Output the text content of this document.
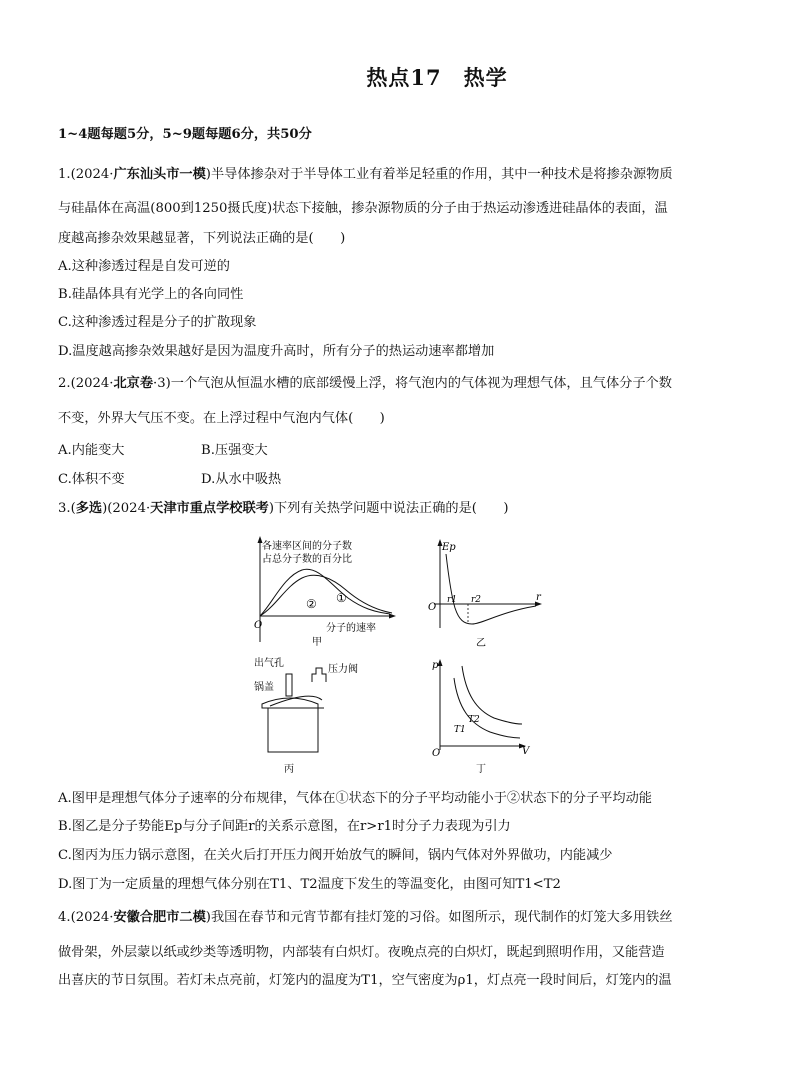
热点17　热学
1~4题每题5分，5~9题每题6分，共50分
1.(2024·广东汕头市一模)半导体掺杂对于半导体工业有着举足轻重的作用，其中一种技术是将掺杂源物质
与硅晶体在高温(800到1250摄氏度)状态下接触，掺杂源物质的分子由于热运动渗透进硅晶体的表面，温
度越高掺杂效果越显著，下列说法正确的是(　　)
A.这种渗透过程是自发可逆的
B.硅晶体具有光学上的各向同性
C.这种渗透过程是分子的扩散现象
D.温度越高掺杂效果越好是因为温度升高时，所有分子的热运动速率都增加
2.(2024·北京卷·3)一个气泡从恒温水槽的底部缓慢上浮，将气泡内的气体视为理想气体，且气体分子个数
不变，外界大气压不变。在上浮过程中气泡内气体(　　)
A.内能变大	B.压强变大
C.体积不变	D.从水中吸热
3.(多选)(2024·天津市重点学校联考)下列有关热学问题中说法正确的是(　　)
各速率区间的分子数
占总分子数的百分比
①
②
O	分子的速率
甲
Ep
O
r1 r2	r
乙
出气孔
锅盖
压力阀
丙
p
O
T1
T2
V
丁
A.图甲是理想气体分子速率的分布规律，气体在①状态下的分子平均动能小于②状态下的分子平均动能
B.图乙是分子势能Ep与分子间距r的关系示意图，在r>r1时分子力表现为引力
C.图丙为压力锅示意图，在关火后打开压力阀开始放气的瞬间，锅内气体对外界做功，内能减少
D.图丁为一定质量的理想气体分别在T1、T2温度下发生的等温变化，由图可知T1<T2
4.(2024·安徽合肥市二模)我国在春节和元宵节都有挂灯笼的习俗。如图所示，现代制作的灯笼大多用铁丝
做骨架，外层蒙以纸或纱类等透明物，内部装有白炽灯。夜晚点亮的白炽灯，既起到照明作用，又能营造
出喜庆的节日氛围。若灯未点亮前，灯笼内的温度为T1，空气密度为ρ1，灯点亮一段时间后，灯笼内的温
